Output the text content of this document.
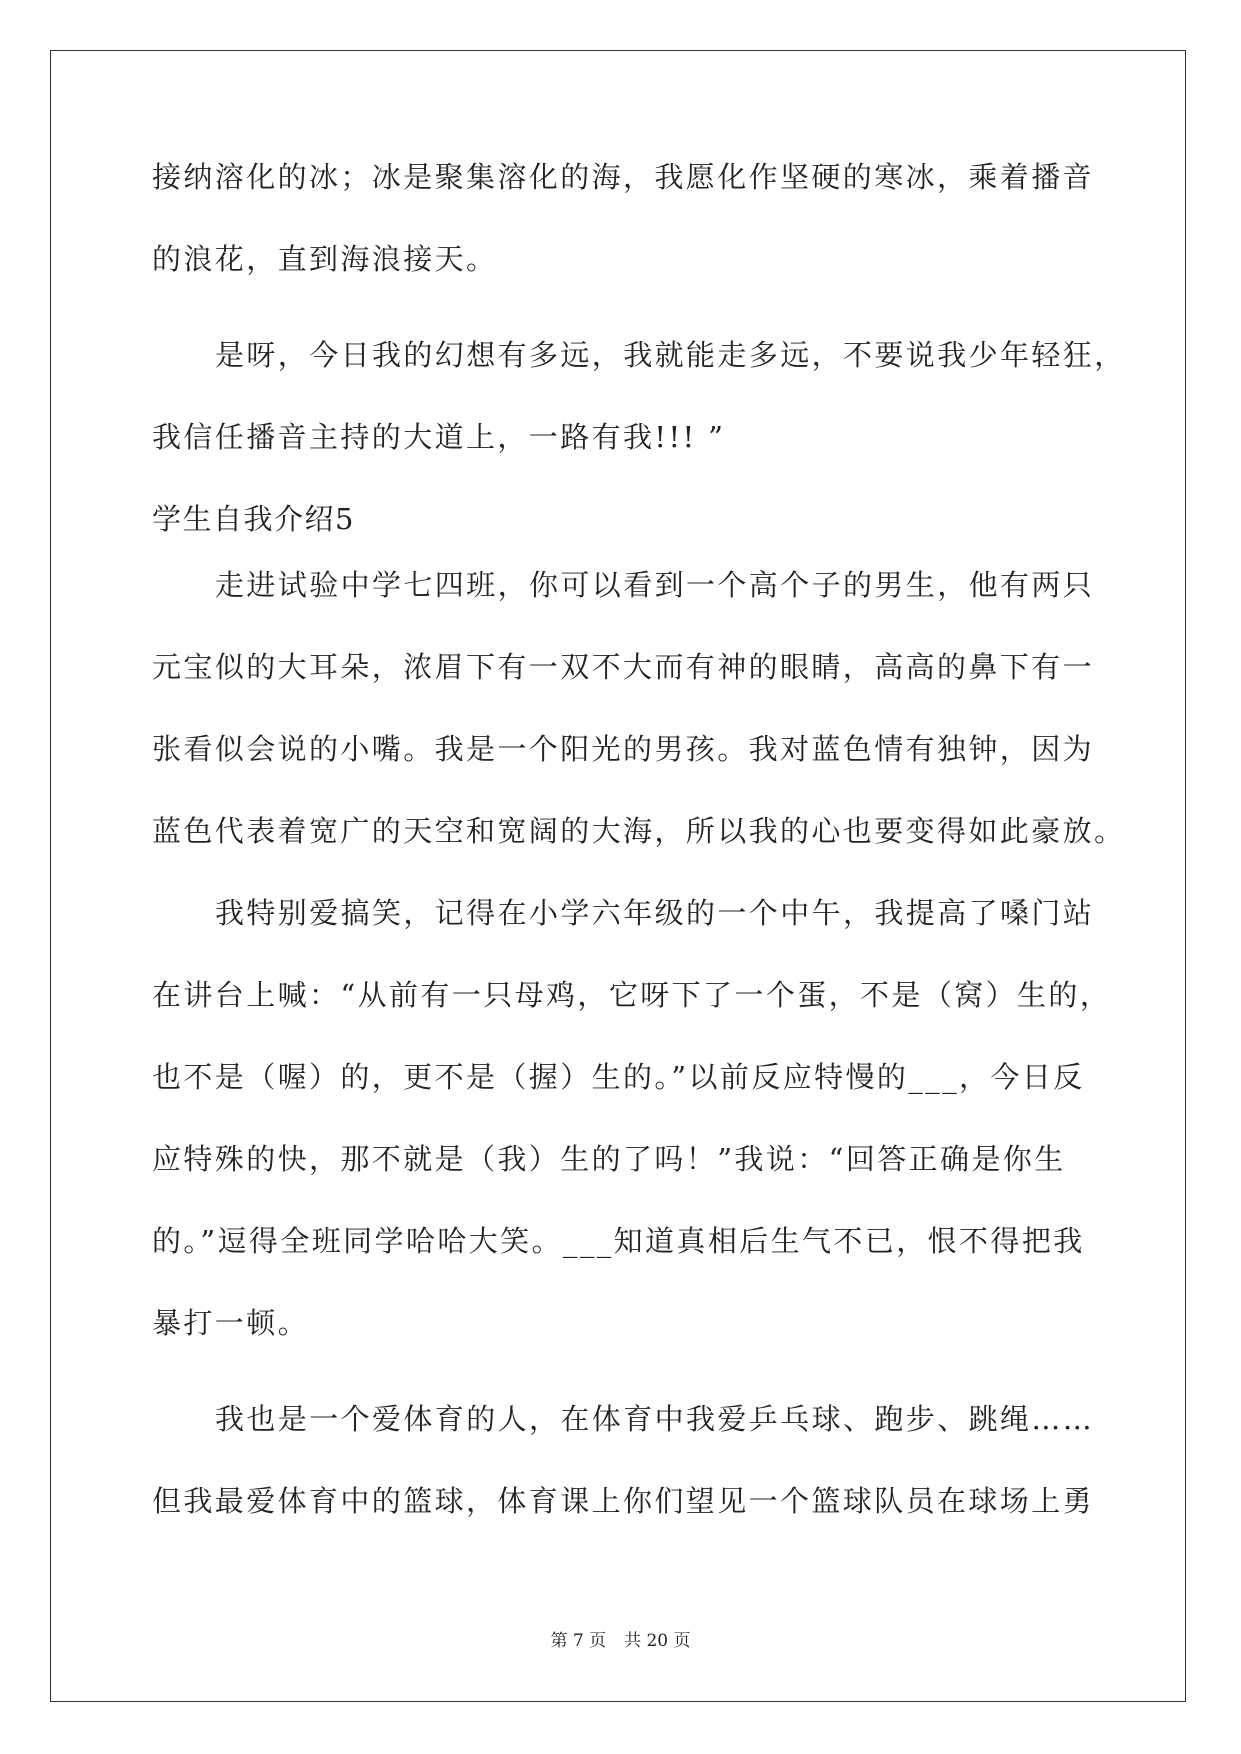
接纳溶化的冰；冰是聚集溶化的海，我愿化作坚硬的寒冰，乘着播音
的浪花，直到海浪接天。
是呀，今日我的幻想有多远，我就能走多远，不要说我少年轻狂，
我信任播音主持的大道上，一路有我!!! ”
学生自我介绍5
走进试验中学七四班，你可以看到一个高个子的男生，他有两只
元宝似的大耳朵，浓眉下有一双不大而有神的眼睛，高高的鼻下有一
张看似会说的小嘴。我是一个阳光的男孩。我对蓝色情有独钟，因为
蓝色代表着宽广的天空和宽阔的大海，所以我的心也要变得如此豪放。
我特别爱搞笑，记得在小学六年级的一个中午，我提高了嗓门站
在讲台上喊：“从前有一只母鸡，它呀下了一个蛋，不是（窝）生的，
也不是（喔）的，更不是（握）生的。”以前反应特慢的___，今日反
应特殊的快，那不就是（我）生的了吗！”我说：“回答正确是你生
的。”逗得全班同学哈哈大笑。___知道真相后生气不已，恨不得把我
暴打一顿。
我也是一个爱体育的人，在体育中我爱乒乓球、跑步、跳绳……
但我最爱体育中的篮球，体育课上你们望见一个篮球队员在球场上勇
第 7 页 共 20 页
